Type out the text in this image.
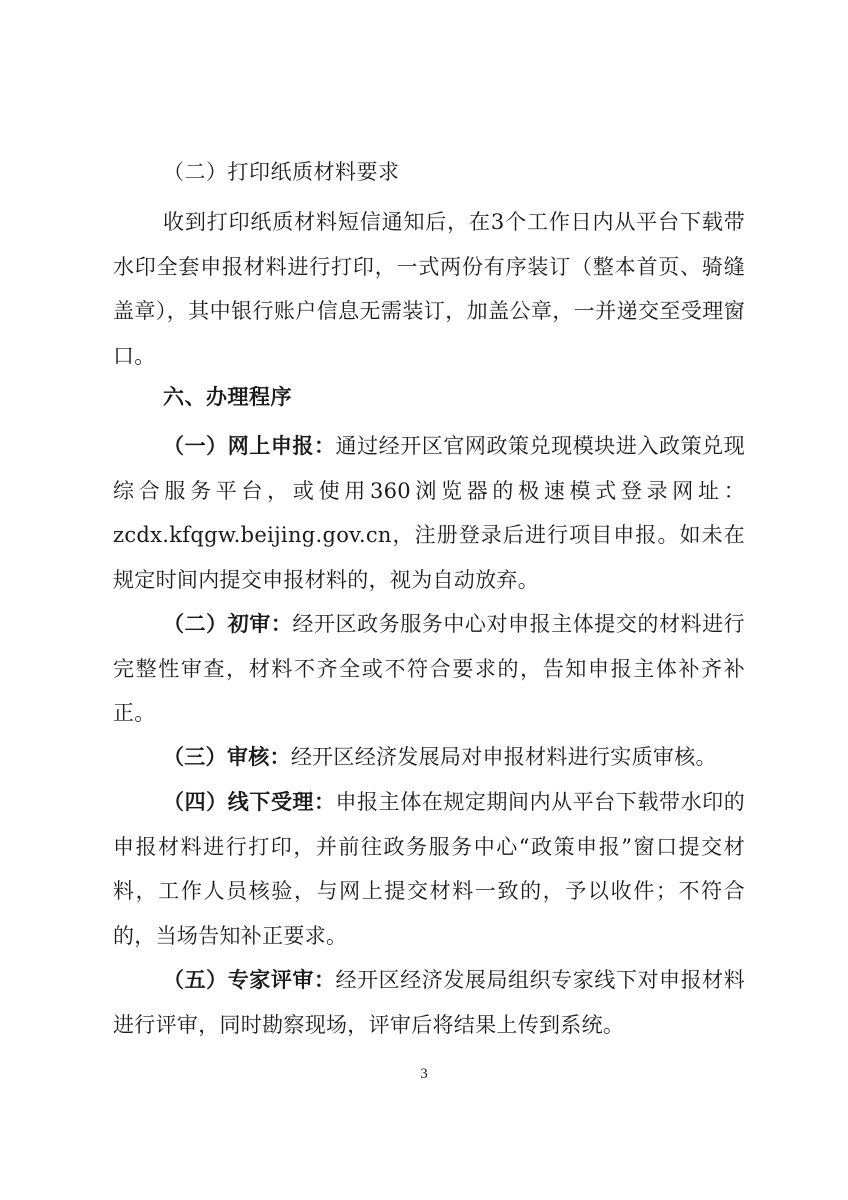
（二）打印纸质材料要求

收到打印纸质材料短信通知后，在3个工作日内从平台下载带水印全套申报材料进行打印，一式两份有序装订（整本首页、骑缝盖章），其中银行账户信息无需装订，加盖公章，一并递交至受理窗口。

六、办理程序

（一）网上申报：通过经开区官网政策兑现模块进入政策兑现综合服务平台，或使用360浏览器的极速模式登录网址：zcdx.kfqgw.beijing.gov.cn，注册登录后进行项目申报。如未在规定时间内提交申报材料的，视为自动放弃。

（二）初审：经开区政务服务中心对申报主体提交的材料进行完整性审查，材料不齐全或不符合要求的，告知申报主体补齐补正。

（三）审核：经开区经济发展局对申报材料进行实质审核。

（四）线下受理：申报主体在规定期间内从平台下载带水印的申报材料进行打印，并前往政务服务中心“政策申报”窗口提交材料，工作人员核验，与网上提交材料一致的，予以收件；不符合的，当场告知补正要求。

（五）专家评审：经开区经济发展局组织专家线下对申报材料进行评审，同时勘察现场，评审后将结果上传到系统。

3
